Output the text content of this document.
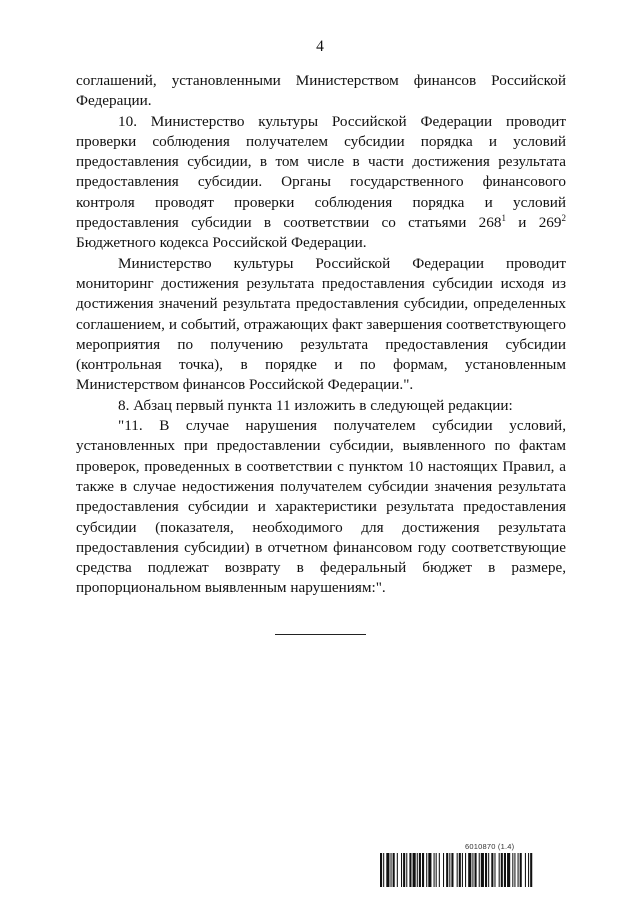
4

соглашений, установленными Министерством финансов Российской Федерации.

10. Министерство культуры Российской Федерации проводит проверки соблюдения получателем субсидии порядка и условий предоставления субсидии, в том числе в части достижения результата предоставления субсидии. Органы государственного финансового контроля проводят проверки соблюдения порядка и условий предоставления субсидии в соответствии со статьями $268^1$ и $269^2$ Бюджетного кодекса Российской Федерации.

Министерство культуры Российской Федерации проводит мониторинг достижения результата предоставления субсидии исходя из достижения значений результата предоставления субсидии, определенных соглашением, и событий, отражающих факт завершения соответствующего мероприятия по получению результата предоставления субсидии (контрольная точка), в порядке и по формам, установленным Министерством финансов Российской Федерации.".

8. Абзац первый пункта 11 изложить в следующей редакции:

"11. В случае нарушения получателем субсидии условий, установленных при предоставлении субсидии, выявленного по фактам проверок, проведенных в соответствии с пунктом 10 настоящих Правил, а также в случае недостижения получателем субсидии значения результата предоставления субсидии и характеристики результата предоставления субсидии (показателя, необходимого для достижения результата предоставления субсидии) в отчетном финансовом году соответствующие средства подлежат возврату в федеральный бюджет в размере, пропорциональном выявленным нарушениям:".

6010870 (1.4)
